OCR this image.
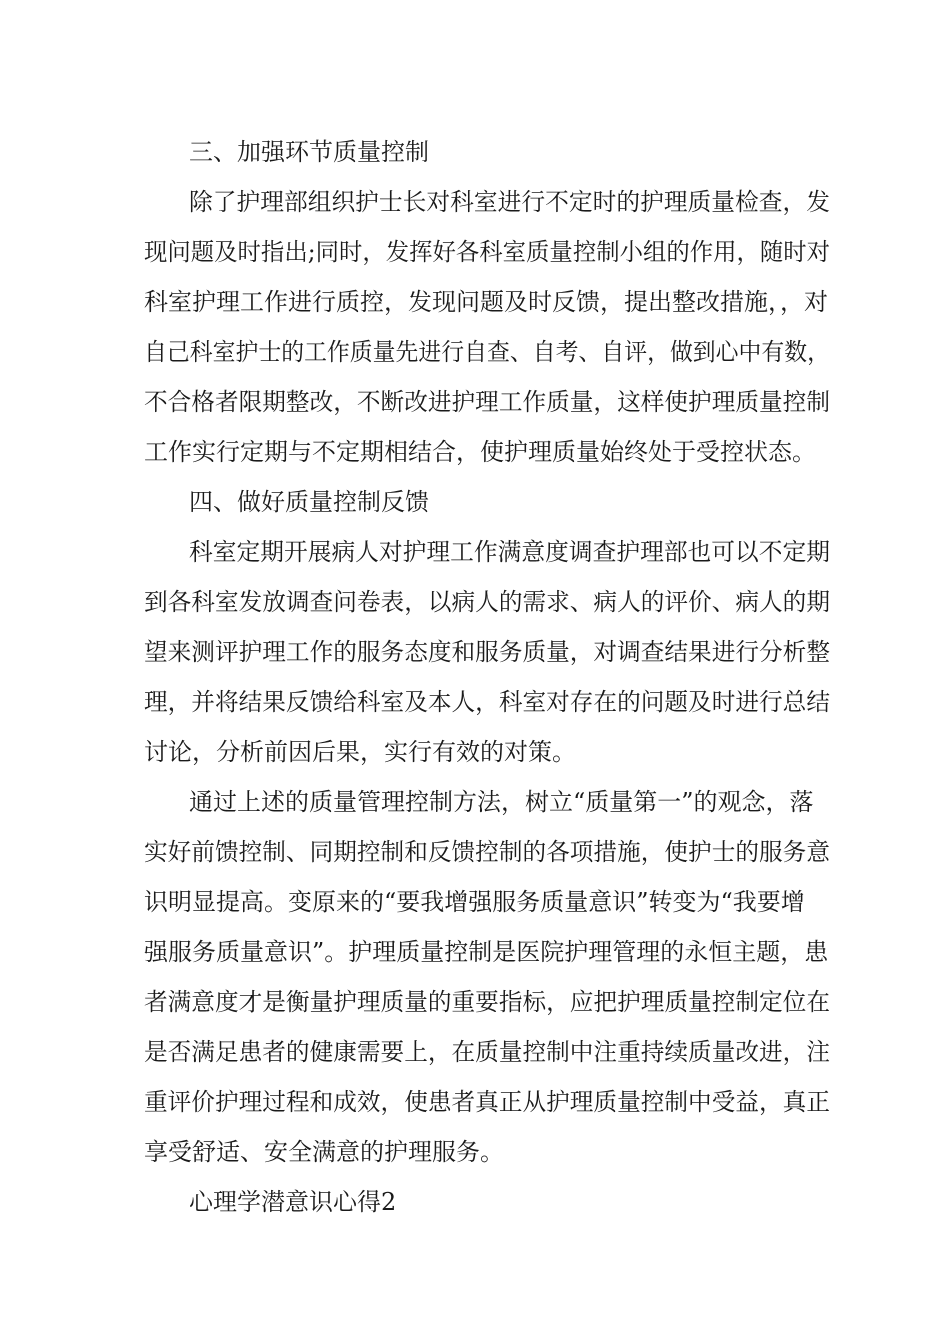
三、加强环节质量控制
除了护理部组织护士长对科室进行不定时的护理质量检查，发
现问题及时指出;同时，发挥好各科室质量控制小组的作用，随时对
科室护理工作进行质控，发现问题及时反馈，提出整改措施，，对
自己科室护士的工作质量先进行自查、自考、自评，做到心中有数，
不合格者限期整改，不断改进护理工作质量，这样使护理质量控制
工作实行定期与不定期相结合，使护理质量始终处于受控状态。
四、做好质量控制反馈
科室定期开展病人对护理工作满意度调查护理部也可以不定期
到各科室发放调查问卷表，以病人的需求、病人的评价、病人的期
望来测评护理工作的服务态度和服务质量，对调查结果进行分析整
理，并将结果反馈给科室及本人，科室对存在的问题及时进行总结
讨论，分析前因后果，实行有效的对策。
通过上述的质量管理控制方法，树立“质量第一”的观念，落
实好前馈控制、同期控制和反馈控制的各项措施，使护士的服务意
识明显提高。变原来的“要我增强服务质量意识”转变为“我要增
强服务质量意识”。护理质量控制是医院护理管理的永恒主题，患
者满意度才是衡量护理质量的重要指标，应把护理质量控制定位在
是否满足患者的健康需要上，在质量控制中注重持续质量改进，注
重评价护理过程和成效，使患者真正从护理质量控制中受益，真正
享受舒适、安全满意的护理服务。
心理学潜意识心得2
